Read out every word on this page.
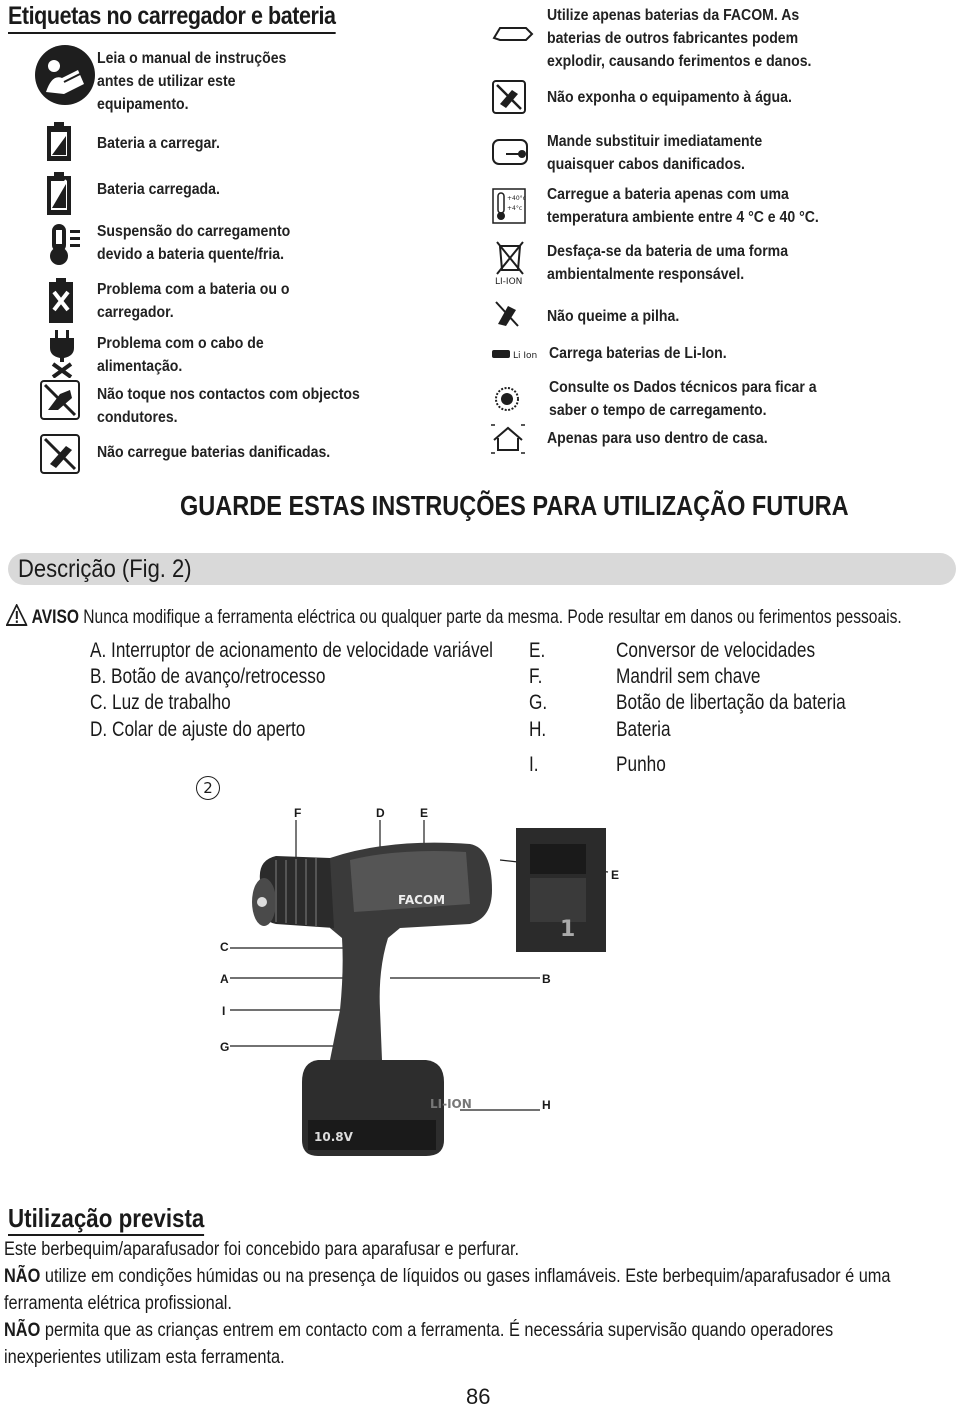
Etiquetas no carregador e bateria
Leia o manual de instruções
antes de utilizar este
equipamento.
Bateria a carregar.
Bateria carregada.
Suspensão do carregamento
devido a bateria quente/fria.
Problema com a bateria ou o
carregador.
Problema com o cabo de
alimentação.
Não toque nos contactos com objectos
condutores.
Não carregue baterias danificadas.
+40°c
+4°c
LI-ION
Li Ion
Utilize apenas baterias da FACOM. As
baterias de outros fabricantes podem
explodir, causando ferimentos e danos.
Não exponha o equipamento à água.
Mande substituir imediatamente
quaisquer cabos danificados.
Carregue a bateria apenas com uma
temperatura ambiente entre 4 °C e 40 °C.
Desfaça-se da bateria de uma forma
ambientalmente responsável.
Não queime a pilha.
Carrega baterias de Li-Ion.
Consulte os Dados técnicos para ficar a
saber o tempo de carregamento.
Apenas para uso dentro de casa.
GUARDE ESTAS INSTRUÇÕES PARA UTILIZAÇÃO FUTURA
Descrição (Fig. 2)
AVISO Nunca modifique a ferramenta eléctrica ou qualquer parte da mesma. Pode resultar em danos ou ferimentos pessoais.
A. Interruptor de acionamento de velocidade variável
B. Botão de avanço/retrocesso
C. Luz de trabalho
D. Colar de ajuste do aperto
E.	Conversor de velocidades
F.	Mandril sem chave
G.	Botão de libertação da bateria
H.	Bateria
I.	Punho
2
F	D	E
E
C
A	B
I
G
H
FACOM
10.8V
LI-ION
1
Utilização prevista
Este berbequim/aparafusador foi concebido para aparafusar e perfurar.
NÃO utilize em condições húmidas ou na presença de líquidos ou gases inflamáveis. Este berbequim/aparafusador é uma ferramenta elétrica profissional.
NÃO permita que as crianças entrem em contacto com a ferramenta. É necessária supervisão quando operadores inexperientes utilizam esta ferramenta.
86
